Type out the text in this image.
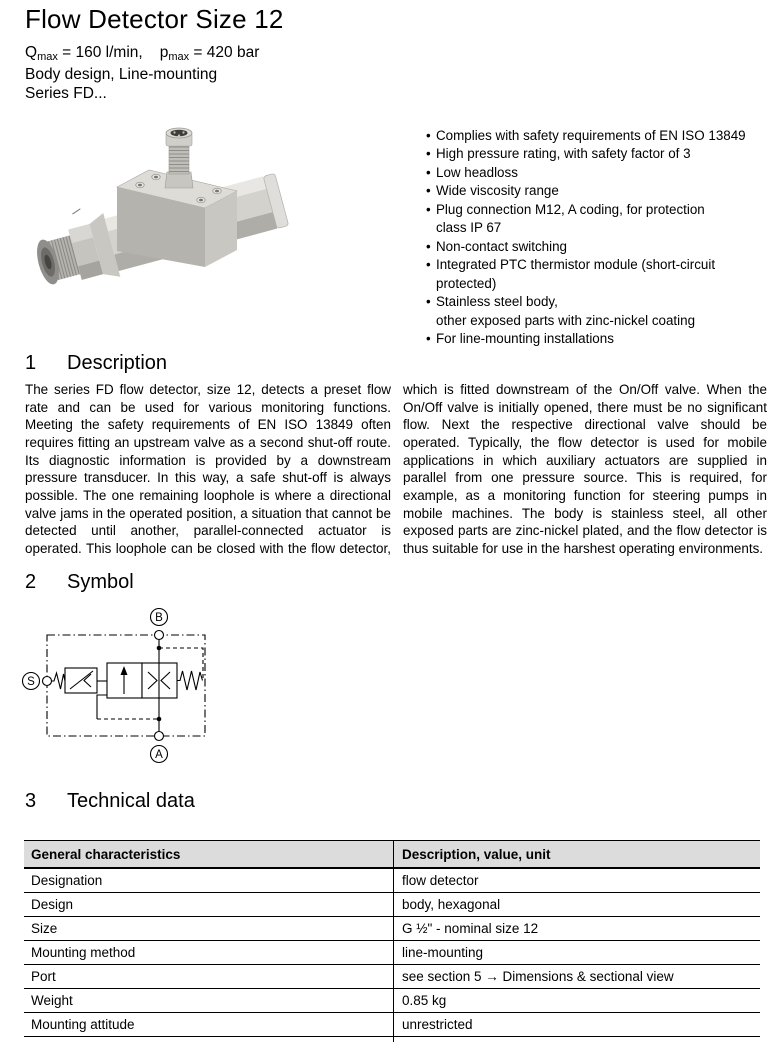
Flow Detector Size 12
Qmax = 160 l/min, pmax = 420 bar
Body design, Line-mounting
Series FD...
• Complies with safety requirements of EN ISO 13849
• High pressure rating, with safety factor of 3
• Low headloss
• Wide viscosity range
• Plug connection M12, A coding, for protection
class IP 67
• Non-contact switching
• Integrated PTC thermistor module (short-circuit
protected)
• Stainless steel body,
other exposed parts with zinc-nickel coating
• For line-mounting installations
1	Description
The series FD flow detector, size 12, detects a preset flow rate and can be used for various monitoring functions. Meeting the safety requirements of EN ISO 13849 often requires fitting an upstream valve as a second shut-off route. Its diagnostic information is provided by a downstream pressure transducer. In this way, a safe shut-off is always possible. The one remaining loophole is where a directional valve jams in the operated position, a situation that cannot be detected until another, parallel-connected actuator is operated. This loophole can be closed with the flow detector,
which is fitted downstream of the On/Off valve. When the On/Off valve is initially opened, there must be no significant flow. Next the respective directional valve should be operated. Typically, the flow detector is used for mobile applications in which auxiliary actuators are supplied in parallel from one pressure source. This is required, for example, as a monitoring function for steering pumps in mobile machines. The body is stainless steel, all other exposed parts are zinc-nickel plated, and the flow detector is thus suitable for use in the harshest operating environments.
2	Symbol
B
A
S
3	Technical data
General characteristics	Description, value, unit
Designation	flow detector
Design	body, hexagonal
Size	G ½" - nominal size 12
Mounting method	line-mounting
Port	see section 5 → Dimensions & sectional view
Weight	0.85 kg
Mounting attitude	unrestricted
